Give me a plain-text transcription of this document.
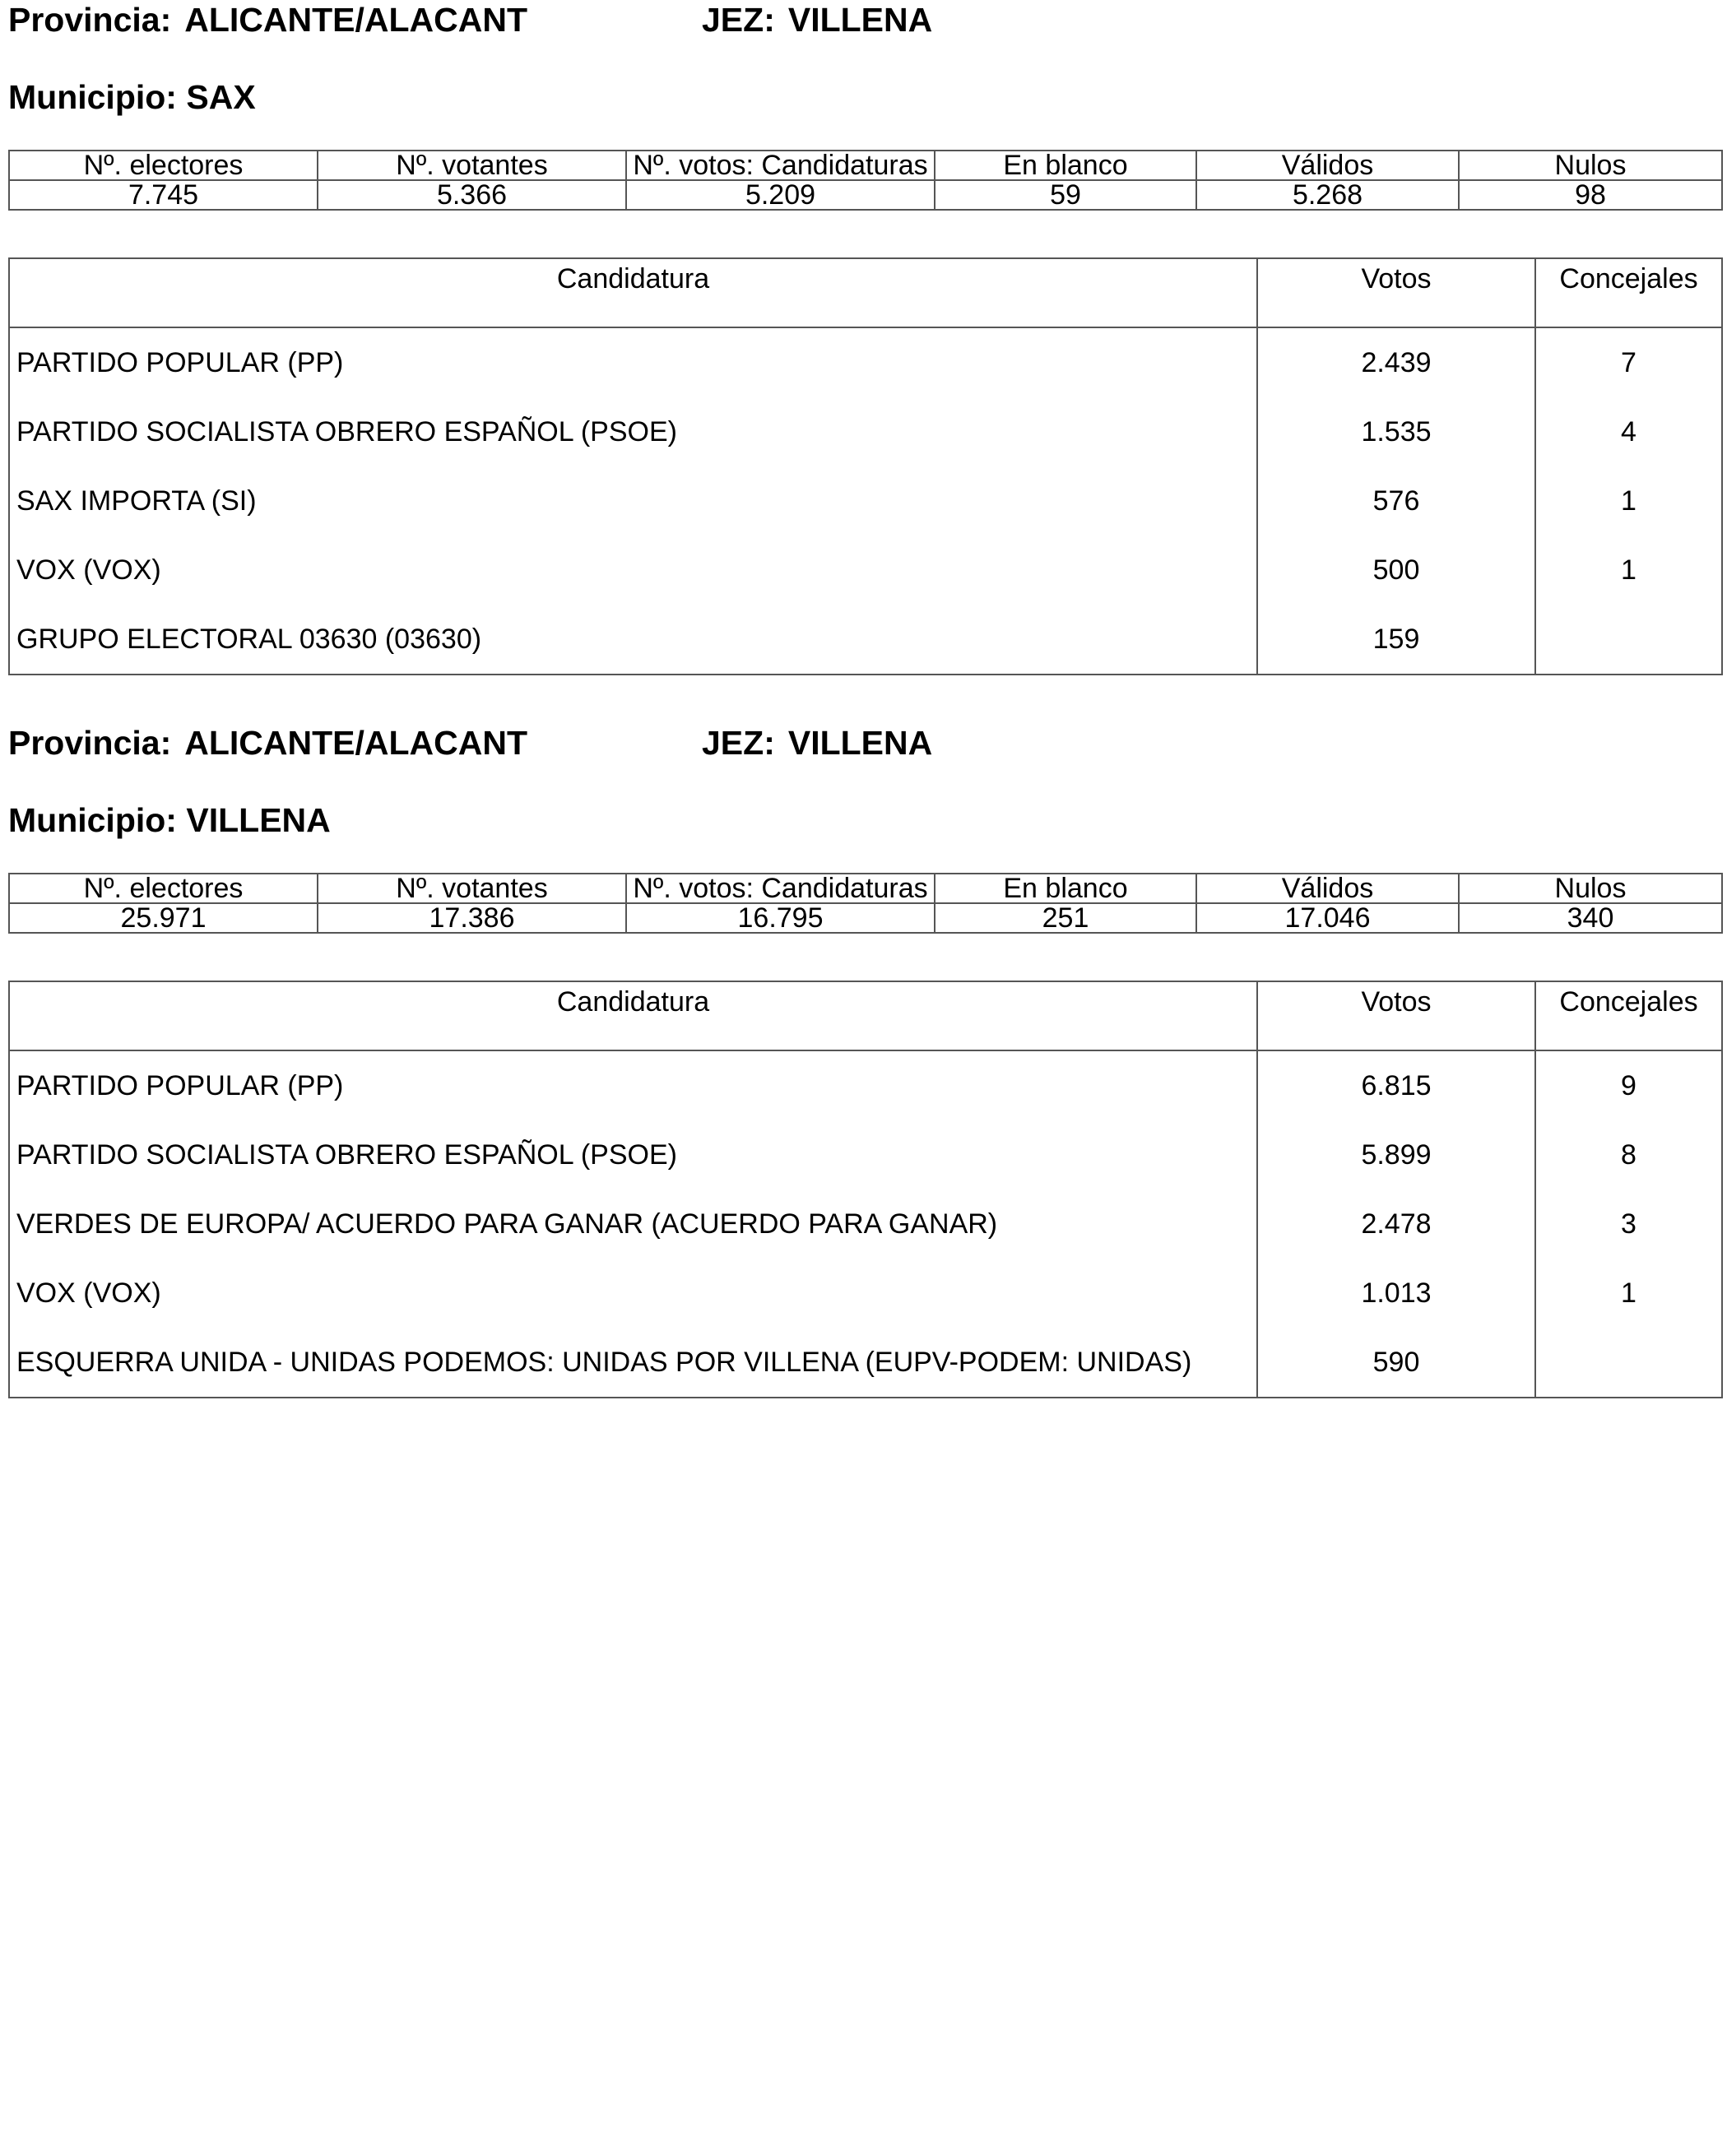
Provincia: ALICANTE/ALACANT	JEZ: VILLENA
Municipio: SAX
Nº. electores	Nº. votantes	Nº. votos: Candidaturas	En blanco	Válidos	Nulos
7.745	5.366	5.209	59	5.268	98
Candidatura	Votos	Concejales
PARTIDO POPULAR (PP)	2.439	7
PARTIDO SOCIALISTA OBRERO ESPAÑOL (PSOE)	1.535	4
SAX IMPORTA (SI)	576	1
VOX (VOX)	500	1
GRUPO ELECTORAL 03630 (03630)	159	
Provincia: ALICANTE/ALACANT	JEZ: VILLENA
Municipio: VILLENA
Nº. electores	Nº. votantes	Nº. votos: Candidaturas	En blanco	Válidos	Nulos
25.971	17.386	16.795	251	17.046	340
Candidatura	Votos	Concejales
PARTIDO POPULAR (PP)	6.815	9
PARTIDO SOCIALISTA OBRERO ESPAÑOL (PSOE)	5.899	8
VERDES DE EUROPA/ ACUERDO PARA GANAR (ACUERDO PARA GANAR)	2.478	3
VOX (VOX)	1.013	1
ESQUERRA UNIDA - UNIDAS PODEMOS: UNIDAS POR VILLENA (EUPV-PODEM: UNIDAS)	590	
